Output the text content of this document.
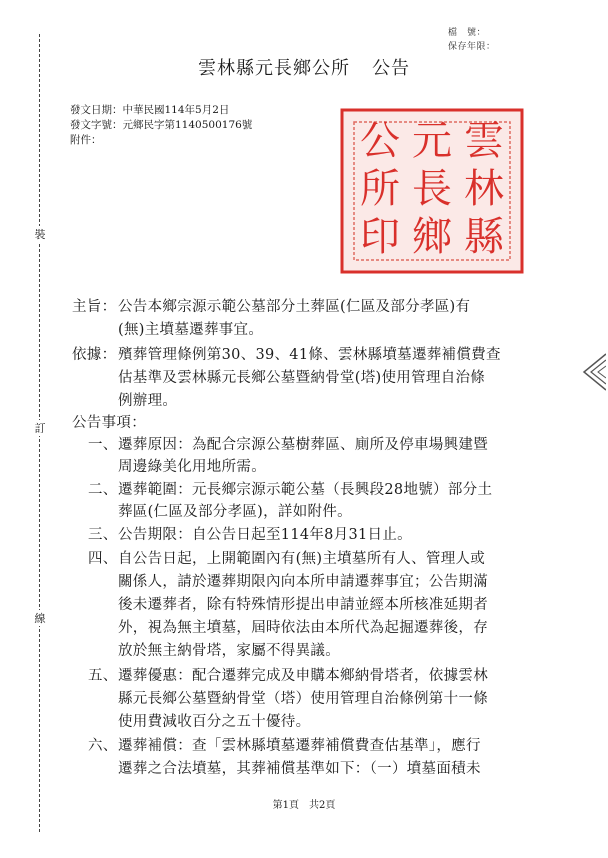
檔　號：
保存年限：
裝
訂
線
雲林縣元長鄉公所 公告
發文日期：中華民國114年5月2日
發文字號：元鄉民字第1140500176號
附件：	雲
林
縣
元
長
鄉
公
所
印
主旨： 公告本鄉宗源示範公墓部分土葬區(仁區及部分孝區)有
(無)主墳墓遷葬事宜。
依據： 殯葬管理條例第30、39、41條、雲林縣墳墓遷葬補償費查
估基準及雲林縣元長鄉公墓暨納骨堂(塔)使用管理自治條
例辦理。
公告事項：
一、 遷葬原因：為配合宗源公墓樹葬區、廁所及停車場興建暨
周邊綠美化用地所需。
二、 遷葬範圍：元長鄉宗源示範公墓（長興段28地號）部分土
葬區(仁區及部分孝區)，詳如附件。
三、 公告期限：自公告日起至114年8月31日止。
四、 自公告日起，上開範圍內有(無)主墳墓所有人、管理人或
關係人，請於遷葬期限內向本所申請遷葬事宜；公告期滿
後未遷葬者，除有特殊情形提出申請並經本所核准延期者
外，視為無主墳墓，屆時依法由本所代為起掘遷葬後，存
放於無主納骨塔，家屬不得異議。
五、 遷葬優惠：配合遷葬完成及申購本鄉納骨塔者，依據雲林
縣元長鄉公墓暨納骨堂（塔）使用管理自治條例第十一條
使用費減收百分之五十優待。
六、 遷葬補償：查「雲林縣墳墓遷葬補償費查估基準」，應行
遷葬之合法墳墓，其葬補償基準如下：（一）墳墓面積未
第1頁　共2頁
